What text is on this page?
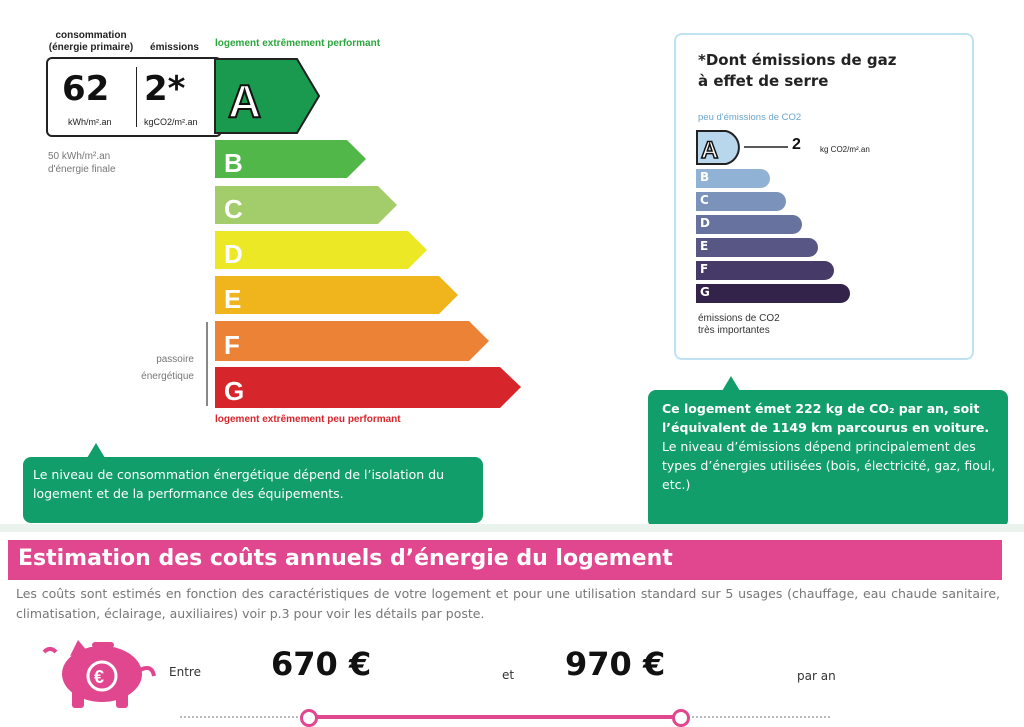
consommation
(énergie primaire)	émissions	logement extrêmement performant
62
kWh/m².an
2*
kgCO2/m².an
50 kWh/m².an
d'énergie finale
passoire
énergétique
A
B
C
D
E
F
G
logement extrêmement peu performant
Le niveau de consommation énergétique dépend de l’isolation du logement et de la performance des équipements.
*Dont émissions de gaz
à effet de serre
peu d'émissions de CO2
A	2 kg CO2/m².an
B
C
D
E
F
G
émissions de CO2
très importantes
Ce logement émet 222 kg de CO₂ par an, soit l’équivalent de 1149 km parcourus en voiture.
Le niveau d’émissions dépend principalement des types d’énergies utilisées (bois, électricité, gaz, fioul, etc.)
Estimation des coûts annuels d’énergie du logement
Les coûts sont estimés en fonction des caractéristiques de votre logement et pour une utilisation standard sur 5 usages (chauffage, eau chaude sanitaire, climatisation, éclairage, auxiliaires) voir p.3 pour voir les détails par poste.
€	Entre 670 €	et 970 €	par an
